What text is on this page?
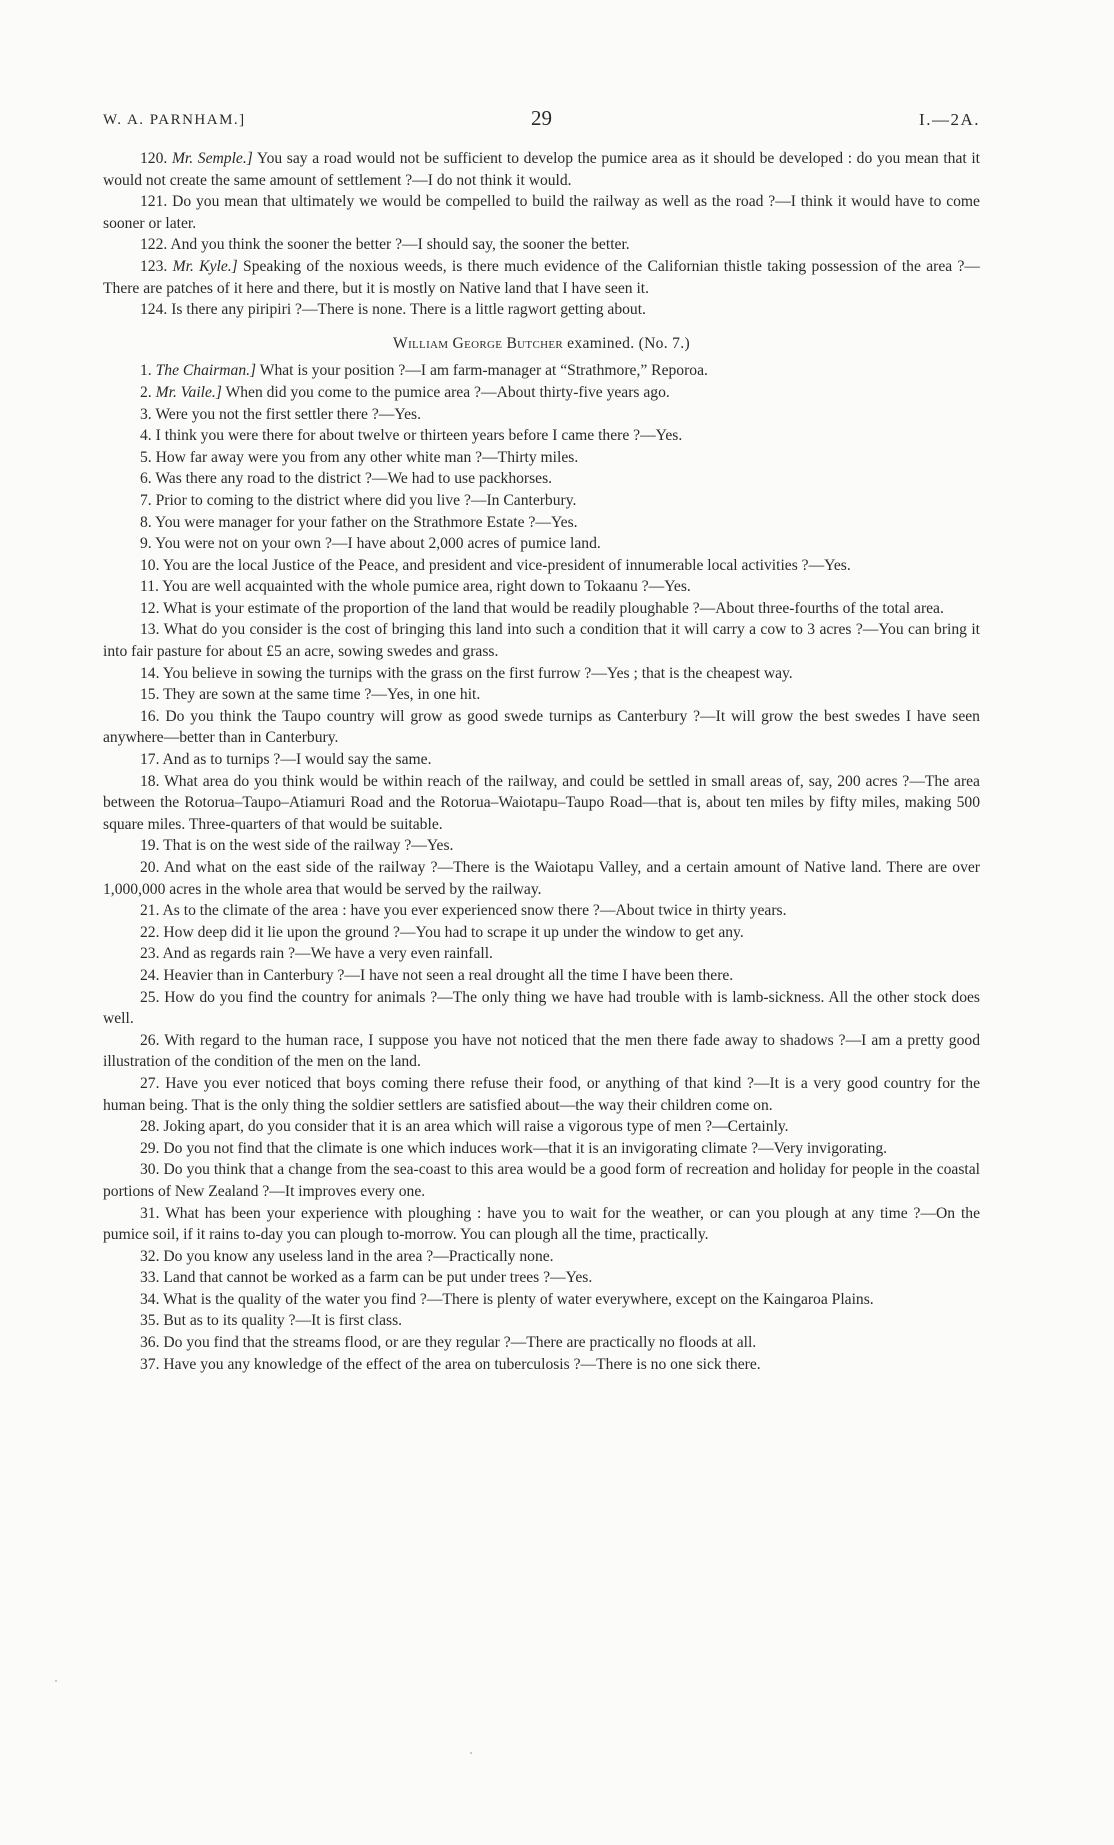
W. A. PARNHAM.]	29	I.—2A.

120. Mr. Semple.] You say a road would not be sufficient to develop the pumice area as it should be developed : do you mean that it would not create the same amount of settlement ?—I do not think it would.

121. Do you mean that ultimately we would be compelled to build the railway as well as the road ?—I think it would have to come sooner or later.

122. And you think the sooner the better ?—I should say, the sooner the better.

123. Mr. Kyle.] Speaking of the noxious weeds, is there much evidence of the Californian thistle taking possession of the area ?—There are patches of it here and there, but it is mostly on Native land that I have seen it.

124. Is there any piripiri ?—There is none. There is a little ragwort getting about.

William George Butcher examined. (No. 7.)

1. The Chairman.] What is your position ?—I am farm-manager at “Strathmore,” Reporoa.

2. Mr. Vaile.] When did you come to the pumice area ?—About thirty-five years ago.

3. Were you not the first settler there ?—Yes.

4. I think you were there for about twelve or thirteen years before I came there ?—Yes.

5. How far away were you from any other white man ?—Thirty miles.

6. Was there any road to the district ?—We had to use packhorses.

7. Prior to coming to the district where did you live ?—In Canterbury.

8. You were manager for your father on the Strathmore Estate ?—Yes.

9. You were not on your own ?—I have about 2,000 acres of pumice land.

10. You are the local Justice of the Peace, and president and vice-president of innumerable local activities ?—Yes.

11. You are well acquainted with the whole pumice area, right down to Tokaanu ?—Yes.

12. What is your estimate of the proportion of the land that would be readily ploughable ?—About three-fourths of the total area.

13. What do you consider is the cost of bringing this land into such a condition that it will carry a cow to 3 acres ?—You can bring it into fair pasture for about £5 an acre, sowing swedes and grass.

14. You believe in sowing the turnips with the grass on the first furrow ?—Yes ; that is the cheapest way.

15. They are sown at the same time ?—Yes, in one hit.

16. Do you think the Taupo country will grow as good swede turnips as Canterbury ?—It will grow the best swedes I have seen anywhere—better than in Canterbury.

17. And as to turnips ?—I would say the same.

18. What area do you think would be within reach of the railway, and could be settled in small areas of, say, 200 acres ?—The area between the Rotorua–Taupo–Atiamuri Road and the Rotorua–Waiotapu–Taupo Road—that is, about ten miles by fifty miles, making 500 square miles. Three-quarters of that would be suitable.

19. That is on the west side of the railway ?—Yes.

20. And what on the east side of the railway ?—There is the Waiotapu Valley, and a certain amount of Native land. There are over 1,000,000 acres in the whole area that would be served by the railway.

21. As to the climate of the area : have you ever experienced snow there ?—About twice in thirty years.

22. How deep did it lie upon the ground ?—You had to scrape it up under the window to get any.

23. And as regards rain ?—We have a very even rainfall.

24. Heavier than in Canterbury ?—I have not seen a real drought all the time I have been there.

25. How do you find the country for animals ?—The only thing we have had trouble with is lamb-sickness. All the other stock does well.

26. With regard to the human race, I suppose you have not noticed that the men there fade away to shadows ?—I am a pretty good illustration of the condition of the men on the land.

27. Have you ever noticed that boys coming there refuse their food, or anything of that kind ?—It is a very good country for the human being. That is the only thing the soldier settlers are satisfied about—the way their children come on.

28. Joking apart, do you consider that it is an area which will raise a vigorous type of men ?—Certainly.

29. Do you not find that the climate is one which induces work—that it is an invigorating climate ?—Very invigorating.

30. Do you think that a change from the sea-coast to this area would be a good form of recreation and holiday for people in the coastal portions of New Zealand ?—It improves every one.

31. What has been your experience with ploughing : have you to wait for the weather, or can you plough at any time ?—On the pumice soil, if it rains to-day you can plough to-morrow. You can plough all the time, practically.

32. Do you know any useless land in the area ?—Practically none.

33. Land that cannot be worked as a farm can be put under trees ?—Yes.

34. What is the quality of the water you find ?—There is plenty of water everywhere, except on the Kaingaroa Plains.

35. But as to its quality ?—It is first class.

36. Do you find that the streams flood, or are they regular ?—There are practically no floods at all.

37. Have you any knowledge of the effect of the area on tuberculosis ?—There is no one sick there.
